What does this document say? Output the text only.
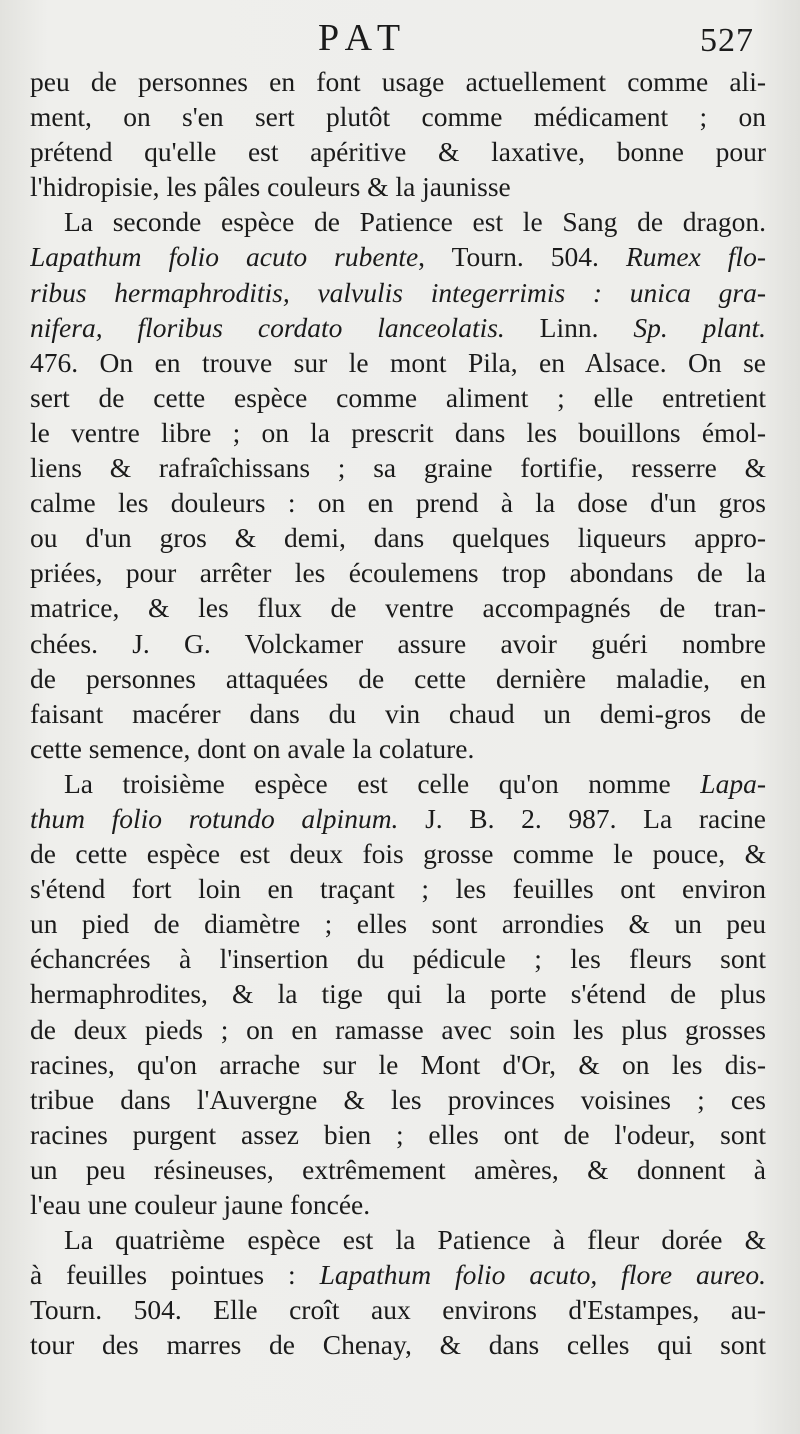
PAT	527
peu de personnes en font usage actuellement comme ali-
ment, on s'en sert plutôt comme médicament ; on
prétend qu'elle est apéritive & laxative, bonne pour
l'hidropisie, les pâles couleurs & la jaunisse
La seconde espèce de Patience est le Sang de dragon.
Lapathum folio acuto rubente, Tourn. 504. Rumex flo-
ribus hermaphroditis, valvulis integerrimis : unica gra-
nifera, floribus cordato lanceolatis. Linn. Sp. plant.
476. On en trouve sur le mont Pila, en Alsace. On se
sert de cette espèce comme aliment ; elle entretient
le ventre libre ; on la prescrit dans les bouillons émol-
liens & rafraîchissans ; sa graine fortifie, resserre &
calme les douleurs : on en prend à la dose d'un gros
ou d'un gros & demi, dans quelques liqueurs appro-
priées, pour arrêter les écoulemens trop abondans de la
matrice, & les flux de ventre accompagnés de tran-
chées. J. G. Volckamer assure avoir guéri nombre
de personnes attaquées de cette dernière maladie, en
faisant macérer dans du vin chaud un demi-gros de
cette semence, dont on avale la colature.
La troisième espèce est celle qu'on nomme Lapa-
thum folio rotundo alpinum. J. B. 2. 987. La racine
de cette espèce est deux fois grosse comme le pouce, &
s'étend fort loin en traçant ; les feuilles ont environ
un pied de diamètre ; elles sont arrondies & un peu
échancrées à l'insertion du pédicule ; les fleurs sont
hermaphrodites, & la tige qui la porte s'étend de plus
de deux pieds ; on en ramasse avec soin les plus grosses
racines, qu'on arrache sur le Mont d'Or, & on les dis-
tribue dans l'Auvergne & les provinces voisines ; ces
racines purgent assez bien ; elles ont de l'odeur, sont
un peu résineuses, extrêmement amères, & donnent à
l'eau une couleur jaune foncée.
La quatrième espèce est la Patience à fleur dorée &
à feuilles pointues : Lapathum folio acuto, flore aureo.
Tourn. 504. Elle croît aux environs d'Estampes, au-
tour des marres de Chenay, & dans celles qui sont
